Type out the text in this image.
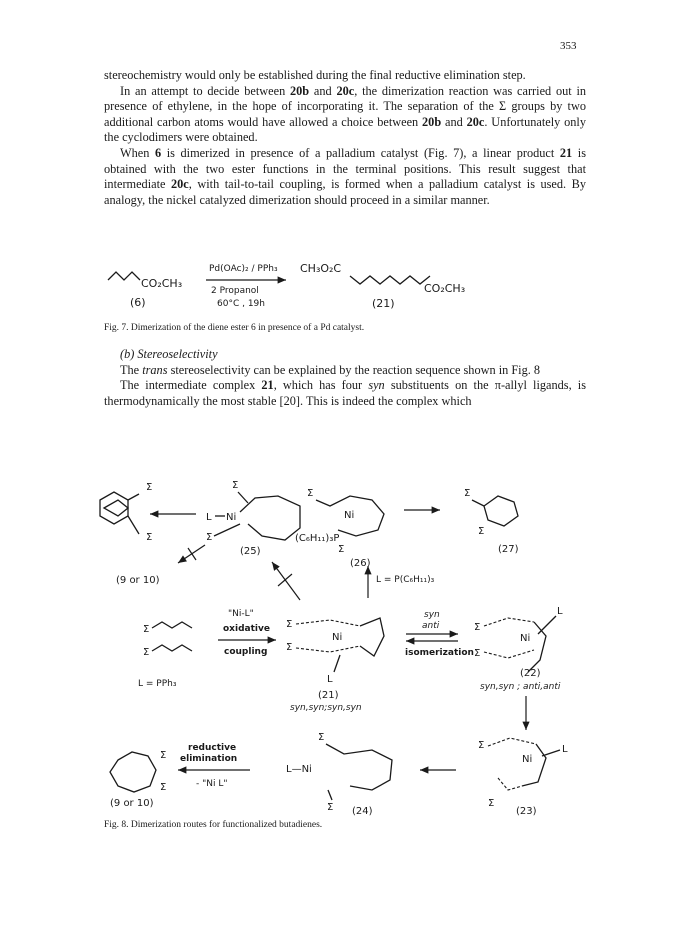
353

stereochemistry would only be established during the final reductive elimination step.

In an attempt to decide between 20b and 20c, the dimerization reaction was carried out in presence of ethylene, in the hope of incorporating it. The separation of the Σ groups by two additional carbon atoms would have allowed a choice between 20b and 20c. Unfortunately only the cyclodimers were obtained.

When 6 is dimerized in presence of a palladium catalyst (Fig. 7), a linear product 21 is obtained with the two ester functions in the terminal positions. This result suggest that intermediate 20c, with tail-to-tail coupling, is formed when a palladium catalyst is used. By analogy, the nickel catalyzed dimerization should proceed in a similar manner.

Fig. 7. Dimerization of the diene ester 6 in presence of a Pd catalyst.

(b) Stereoselectivity

The trans stereoselectivity can be explained by the reaction sequence shown in Fig. 8

The intermediate complex 21, which has four syn substituents on the π-allyl ligands, is thermodynamically the most stable [20]. This is indeed the complex which

Fig. 8. Dimerization routes for functionalized butadienes.
CO₂CH₃
(6)
Pd(OAc)₂ / PPh₃
2 Propanol
60°C , 19h
CH₃O₂C
CO₂CH₃
(21)
Σ
Σ
(9 or 10)
L Ni
Σ
Σ
(25)
Σ
Ni
(C₆H₁₁)₃P
Σ
(26)
Σ
Σ
(27)
L = P(C₆H₁₁)₃
Σ
Σ
L = PPh₃
"Ni-L"
oxidative
coupling
Σ
Σ
Ni
L
(21)
syn,syn;syn,syn
syn
anti
isomerization
Σ
Σ
Ni
L
(22)
syn,syn ; anti,anti
Σ
Σ
(9 or 10)
reductive
elimination
- "Ni L"
L—Ni
Σ
Σ (24)
Σ
Ni
L
Σ
(23)
